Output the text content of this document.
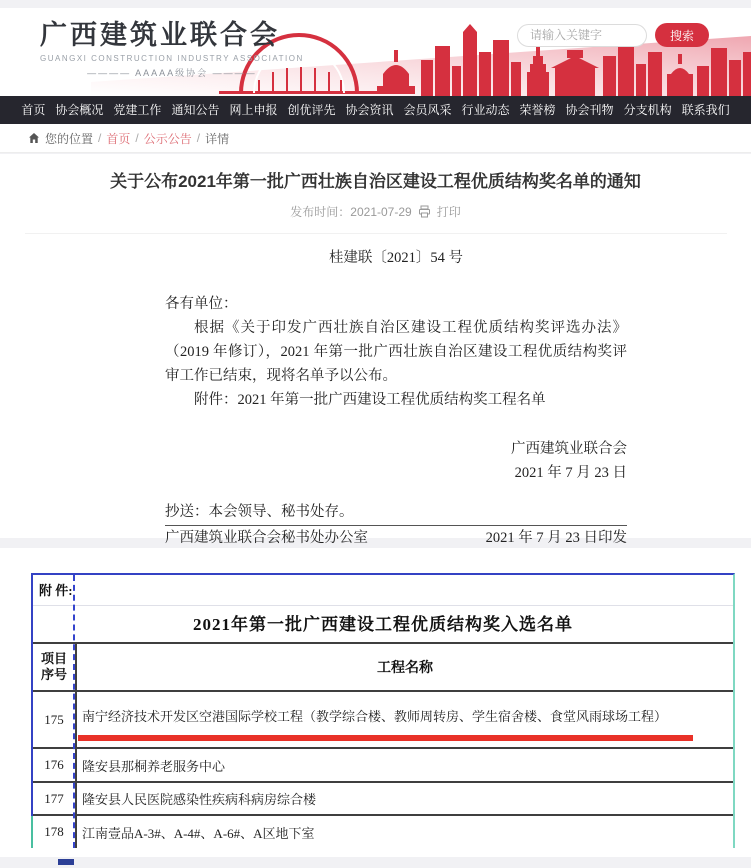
广西建筑业联合会
GUANGXI CONSTRUCTION INDUSTRY ASSOCIATION
———— AAAAA级协会 ————
请输入关键字
搜索
首页 协会概况 党建工作 通知公告 网上申报 创优评先 协会资讯 会员风采 行业动态 荣誉榜 协会刊物 分支机构 联系我们
您的位置 / 首页 / 公示公告 / 详情
关于公布2021年第一批广西壮族自治区建设工程优质结构奖名单的通知
发布时间：2021-07-29 打印
桂建联〔2021〕54 号
各有单位：
根据《关于印发广西壮族自治区建设工程优质结构奖评选办法》（2019 年修订），2021 年第一批广西壮族自治区建设工程优质结构奖评审工作已结束，现将名单予以公布。
附件：2021 年第一批广西建设工程优质结构奖工程名单
广西建筑业联合会
2021 年 7 月 23 日
抄送：本会领导、秘书处存。
广西建筑业联合会秘书处办公室	2021 年 7 月 23 日印发
附 件:
2021年第一批广西建设工程优质结构奖入选名单
项目
序号	工程名称
175	南宁经济技术开发区空港国际学校工程（教学综合楼、教师周转房、学生宿舍楼、食堂风雨球场工程）
176	隆安县那桐养老服务中心
177	隆安县人民医院感染性疾病科病房综合楼
178	江南壹品A-3#、A-4#、A-6#、A区地下室
